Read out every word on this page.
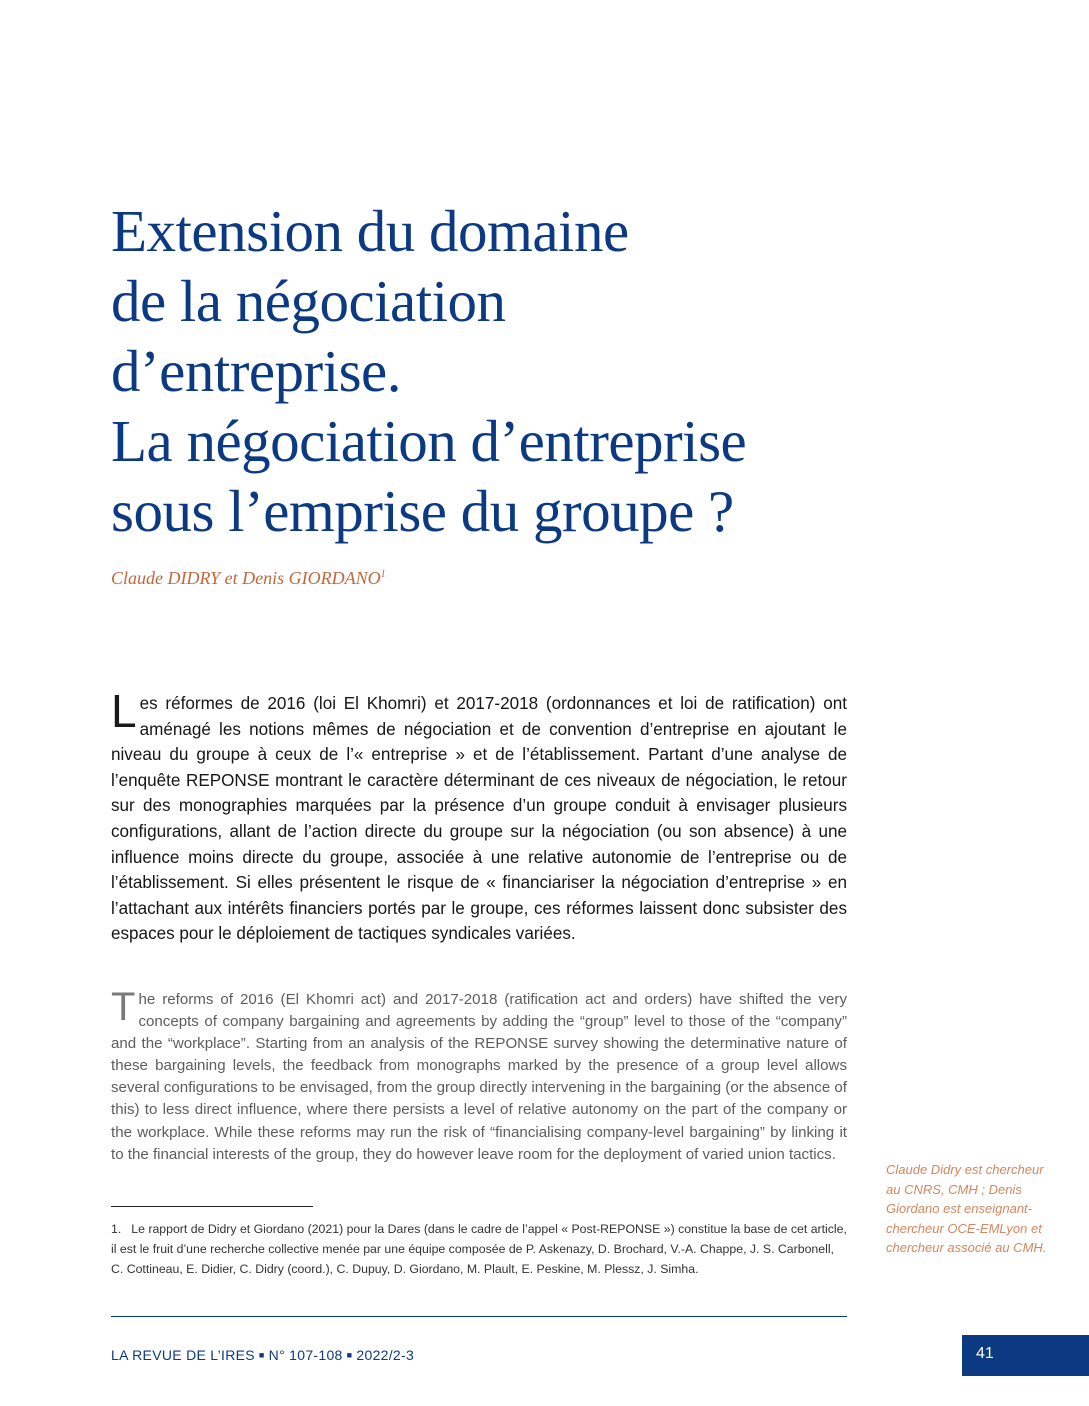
Extension du domaine
de la négociation
d’entreprise.
La négociation d’entreprise
sous l’emprise du groupe ?

Claude DIDRY et Denis GIORDANO$^1$

Les réformes de 2016 (loi El Khomri) et 2017-2018 (ordonnances et loi de ratification) ont aménagé les notions mêmes de négociation et de convention d’entreprise en ajoutant le niveau du groupe à ceux de l’« entreprise » et de l’établissement. Partant d’une analyse de l’enquête REPONSE montrant le caractère déterminant de ces niveaux de négociation, le retour sur des monographies marquées par la présence d’un groupe conduit à envisager plusieurs configurations, allant de l’action directe du groupe sur la négociation (ou son absence) à une influence moins directe du groupe, associée à une relative autonomie de l’entreprise ou de l’établissement. Si elles présentent le risque de « financiariser la négociation d’entreprise » en l’attachant aux intérêts financiers portés par le groupe, ces réformes laissent donc subsister des espaces pour le déploiement de tactiques syndicales variées.

The reforms of 2016 (El Khomri act) and 2017-2018 (ratification act and orders) have shifted the very concepts of company bargaining and agreements by adding the “group” level to those of the “company” and the “workplace”. Starting from an analysis of the REPONSE survey showing the determinative nature of these bargaining levels, the feedback from monographs marked by the presence of a group level allows several configurations to be envisaged, from the group directly intervening in the bargaining (or the absence of this) to less direct influence, where there persists a level of relative autonomy on the part of the company or the workplace. While these reforms may run the risk of “financialising company-level bargaining” by linking it to the financial interests of the group, they do however leave room for the deployment of varied union tactics.

1. Le rapport de Didry et Giordano (2021) pour la Dares (dans le cadre de l’appel « Post-REPONSE ») constitue la base de cet article, il est le fruit d’une recherche collective menée par une équipe composée de P. Askenazy, D. Brochard, V.-A. Chappe, J. S. Carbonell, C. Cottineau, E. Didier, C. Didry (coord.), C. Dupuy, D. Giordano, M. Plault, E. Peskine, M. Plessz, J. Simha.

Claude Didry est chercheur au CNRS, CMH ; Denis Giordano est enseignant-chercheur OCE-EMLyon et chercheur associé au CMH.

LA REVUE DE L’IRES ■ N° 107-108 ■ 2022/2-3	41
